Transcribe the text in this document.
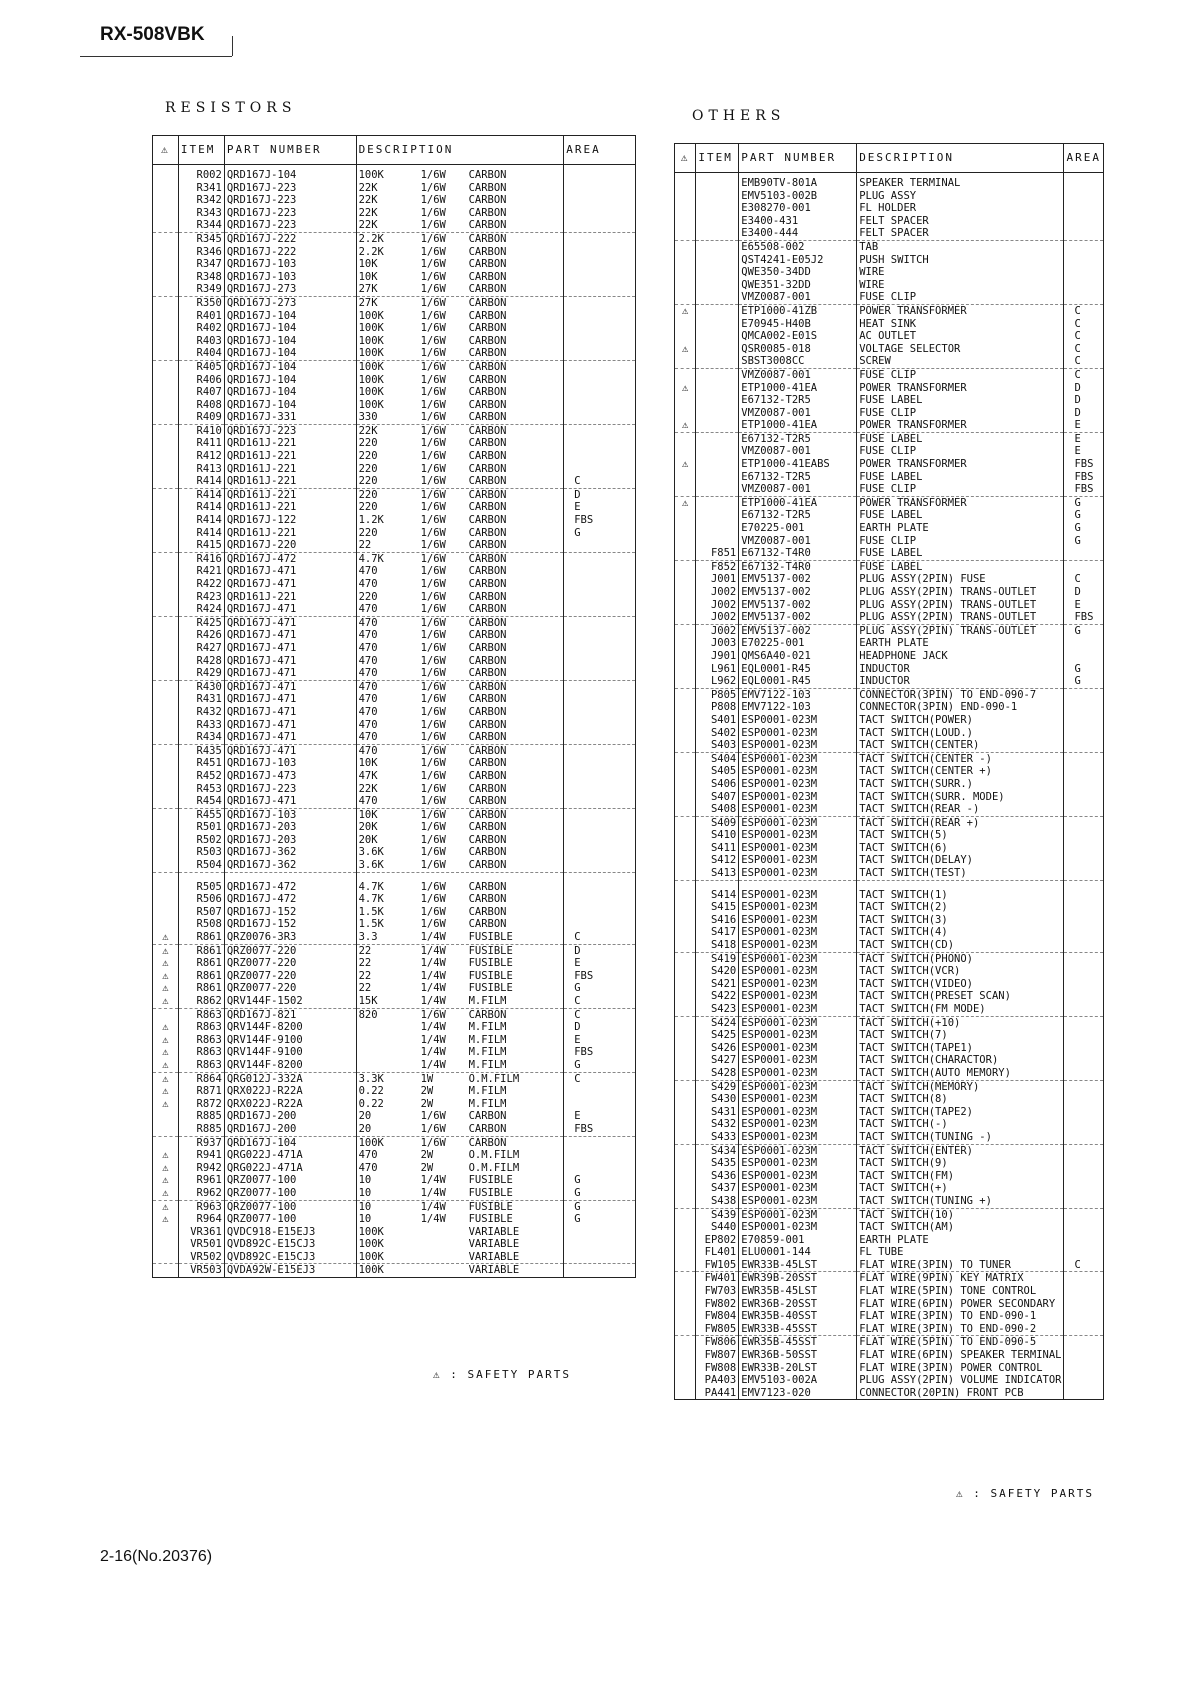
RX-508VBK
RESISTORS
⚠	ITEM	PART NUMBER	DESCRIPTION	AREA
	R002	QRD167J-104	100K 1/6W CARBON	

	R341	QRD167J-223	22K 1/6W CARBON	

	R342	QRD167J-223	22K 1/6W CARBON	

	R343	QRD167J-223	22K 1/6W CARBON	

	R344	QRD167J-223	22K 1/6W CARBON	

	R345	QRD167J-222	2.2K 1/6W CARBON	

	R346	QRD167J-222	2.2K 1/6W CARBON	

	R347	QRD167J-103	10K 1/6W CARBON	

	R348	QRD167J-103	10K 1/6W CARBON	

	R349	QRD167J-273	27K 1/6W CARBON	

	R350	QRD167J-273	27K 1/6W CARBON	

	R401	QRD167J-104	100K 1/6W CARBON	

	R402	QRD167J-104	100K 1/6W CARBON	

	R403	QRD167J-104	100K 1/6W CARBON	

	R404	QRD167J-104	100K 1/6W CARBON	

	R405	QRD167J-104	100K 1/6W CARBON	

	R406	QRD167J-104	100K 1/6W CARBON	

	R407	QRD167J-104	100K 1/6W CARBON	

	R408	QRD167J-104	100K 1/6W CARBON	

	R409	QRD167J-331	330 1/6W CARBON	

	R410	QRD167J-223	22K 1/6W CARBON	

	R411	QRD161J-221	220 1/6W CARBON	

	R412	QRD161J-221	220 1/6W CARBON	

	R413	QRD161J-221	220 1/6W CARBON	

	R414	QRD161J-221	220 1/6W CARBON	C
	R414	QRD161J-221	220 1/6W CARBON	D
	R414	QRD161J-221	220 1/6W CARBON	E
	R414	QRD167J-122	1.2K 1/6W CARBON	FBS
	R414	QRD161J-221	220 1/6W CARBON	G
	R415	QRD167J-220	22 1/6W CARBON	

	R416	QRD167J-472	4.7K 1/6W CARBON	

	R421	QRD167J-471	470 1/6W CARBON	

	R422	QRD167J-471	470 1/6W CARBON	

	R423	QRD161J-221	220 1/6W CARBON	

	R424	QRD167J-471	470 1/6W CARBON	

	R425	QRD167J-471	470 1/6W CARBON	

	R426	QRD167J-471	470 1/6W CARBON	

	R427	QRD167J-471	470 1/6W CARBON	

	R428	QRD167J-471	470 1/6W CARBON	

	R429	QRD167J-471	470 1/6W CARBON	

	R430	QRD167J-471	470 1/6W CARBON	

	R431	QRD167J-471	470 1/6W CARBON	

	R432	QRD167J-471	470 1/6W CARBON	

	R433	QRD167J-471	470 1/6W CARBON	

	R434	QRD167J-471	470 1/6W CARBON	

	R435	QRD167J-471	470 1/6W CARBON	

	R451	QRD167J-103	10K 1/6W CARBON	

	R452	QRD167J-473	47K 1/6W CARBON	

	R453	QRD167J-223	22K 1/6W CARBON	

	R454	QRD167J-471	470 1/6W CARBON	

	R455	QRD167J-103	10K 1/6W CARBON	

	R501	QRD167J-203	20K 1/6W CARBON	

	R502	QRD167J-203	20K 1/6W CARBON	

	R503	QRD167J-362	3.6K 1/6W CARBON	

	R504	QRD167J-362	3.6K 1/6W CARBON	

	R505	QRD167J-472	4.7K 1/6W CARBON	

	R506	QRD167J-472	4.7K 1/6W CARBON	

	R507	QRD167J-152	1.5K 1/6W CARBON	

	R508	QRD167J-152	1.5K 1/6W CARBON	

⚠	R861	QRZ0076-3R3	3.3 1/4W FUSIBLE	C
⚠	R861	QRZ0077-220	22 1/4W FUSIBLE	D
⚠	R861	QRZ0077-220	22 1/4W FUSIBLE	E
⚠	R861	QRZ0077-220	22 1/4W FUSIBLE	FBS
⚠	R861	QRZ0077-220	22 1/4W FUSIBLE	G
⚠	R862	QRV144F-1502	15K 1/4W M.FILM	C
	R863	QRD167J-821	820 1/6W CARBON	C
⚠	R863	QRV144F-8200	1/4W M.FILM	D
⚠	R863	QRV144F-9100	1/4W M.FILM	E
⚠	R863	QRV144F-9100	1/4W M.FILM	FBS
⚠	R863	QRV144F-8200	1/4W M.FILM	G
⚠	R864	QRG012J-332A	3.3K 1W O.M.FILM	C
⚠	R871	QRX022J-R22A	0.22 2W M.FILM	

⚠	R872	QRX022J-R22A	0.22 2W M.FILM	

	R885	QRD167J-200	20 1/6W CARBON	E
	R885	QRD167J-200	20 1/6W CARBON	FBS
	R937	QRD167J-104	100K 1/6W CARBON	

⚠	R941	QRG022J-471A	470 2W O.M.FILM	

⚠	R942	QRG022J-471A	470 2W O.M.FILM	

⚠	R961	QRZ0077-100	10 1/4W FUSIBLE	G
⚠	R962	QRZ0077-100	10 1/4W FUSIBLE	G
⚠	R963	QRZ0077-100	10 1/4W FUSIBLE	G
⚠	R964	QRZ0077-100	10 1/4W FUSIBLE	G
	VR361	QVDC918-E15EJ3	100K VARIABLE	

	VR501	QVD892C-E15CJ3	100K VARIABLE	

	VR502	QVD892C-E15CJ3	100K VARIABLE	

	VR503	QVDA92W-E15EJ3	100K VARIABLE	

⚠ : SAFETY PARTS
OTHERS
⚠	ITEM	PART NUMBER	DESCRIPTION	AREA
		EMB90TV-801A	SPEAKER TERMINAL	
		EMV5103-002B	PLUG ASSY	
		E308270-001	FL HOLDER	
		E3400-431	FELT SPACER	
		E3400-444	FELT SPACER	
		E65508-002	TAB	
		QST4241-E05J2	PUSH SWITCH	
		QWE350-34DD	WIRE	
		QWE351-32DD	WIRE	
		VMZ0087-001	FUSE CLIP	
⚠		ETP1000-41ZB	POWER TRANSFORMER	C
		E70945-H40B	HEAT SINK	C
		QMCA002-E01S	AC OUTLET	C
⚠		QSR0085-018	VOLTAGE SELECTOR	C
		SBST3008CC	SCREW	C
		VMZ0087-001	FUSE CLIP	C
⚠		ETP1000-41EA	POWER TRANSFORMER	D
		E67132-T2R5	FUSE LABEL	D
		VMZ0087-001	FUSE CLIP	D
⚠		ETP1000-41EA	POWER TRANSFORMER	E
		E67132-T2R5	FUSE LABEL	E
		VMZ0087-001	FUSE CLIP	E
⚠		ETP1000-41EABS	POWER TRANSFORMER	FBS
		E67132-T2R5	FUSE LABEL	FBS
		VMZ0087-001	FUSE CLIP	FBS
⚠		ETP1000-41EA	POWER TRANSFORMER	G
		E67132-T2R5	FUSE LABEL	G
		E70225-001	EARTH PLATE	G
		VMZ0087-001	FUSE CLIP	G
	F851	E67132-T4R0	FUSE LABEL	
	F852	E67132-T4R0	FUSE LABEL	
	J001	EMV5137-002	PLUG ASSY(2PIN) FUSE	C
	J002	EMV5137-002	PLUG ASSY(2PIN) TRANS-OUTLET	D
	J002	EMV5137-002	PLUG ASSY(2PIN) TRANS-OUTLET	E
	J002	EMV5137-002	PLUG ASSY(2PIN) TRANS-OUTLET	FBS
	J002	EMV5137-002	PLUG ASSY(2PIN) TRANS-OUTLET	G
	J003	E70225-001	EARTH PLATE	
	J901	QMS6A40-021	HEADPHONE JACK	
	L961	EQL0001-R45	INDUCTOR	G
	L962	EQL0001-R45	INDUCTOR	G
	P805	EMV7122-103	CONNECTOR(3PIN) TO END-090-7	
	P808	EMV7122-103	CONNECTOR(3PIN) END-090-1	
	S401	ESP0001-023M	TACT SWITCH(POWER)	
	S402	ESP0001-023M	TACT SWITCH(LOUD.)	
	S403	ESP0001-023M	TACT SWITCH(CENTER)	
	S404	ESP0001-023M	TACT SWITCH(CENTER -)	
	S405	ESP0001-023M	TACT SWITCH(CENTER +)	
	S406	ESP0001-023M	TACT SWITCH(SURR.)	
	S407	ESP0001-023M	TACT SWITCH(SURR. MODE)	
	S408	ESP0001-023M	TACT SWITCH(REAR -)	
	S409	ESP0001-023M	TACT SWITCH(REAR +)	
	S410	ESP0001-023M	TACT SWITCH(5)	
	S411	ESP0001-023M	TACT SWITCH(6)	
	S412	ESP0001-023M	TACT SWITCH(DELAY)	
	S413	ESP0001-023M	TACT SWITCH(TEST)	
	S414	ESP0001-023M	TACT SWITCH(1)	
	S415	ESP0001-023M	TACT SWITCH(2)	
	S416	ESP0001-023M	TACT SWITCH(3)	
	S417	ESP0001-023M	TACT SWITCH(4)	
	S418	ESP0001-023M	TACT SWITCH(CD)	
	S419	ESP0001-023M	TACT SWITCH(PHONO)	
	S420	ESP0001-023M	TACT SWITCH(VCR)	
	S421	ESP0001-023M	TACT SWITCH(VIDEO)	
	S422	ESP0001-023M	TACT SWITCH(PRESET SCAN)	
	S423	ESP0001-023M	TACT SWITCH(FM MODE)	
	S424	ESP0001-023M	TACT SWITCH(+10)	
	S425	ESP0001-023M	TACT SWITCH(7)	
	S426	ESP0001-023M	TACT SWITCH(TAPE1)	
	S427	ESP0001-023M	TACT SWITCH(CHARACTOR)	
	S428	ESP0001-023M	TACT SWITCH(AUTO MEMORY)	
	S429	ESP0001-023M	TACT SWITCH(MEMORY)	
	S430	ESP0001-023M	TACT SWITCH(8)	
	S431	ESP0001-023M	TACT SWITCH(TAPE2)	
	S432	ESP0001-023M	TACT SWITCH(-)	
	S433	ESP0001-023M	TACT SWITCH(TUNING -)	
	S434	ESP0001-023M	TACT SWITCH(ENTER)	
	S435	ESP0001-023M	TACT SWITCH(9)	
	S436	ESP0001-023M	TACT SWITCH(FM)	
	S437	ESP0001-023M	TACT SWITCH(+)	
	S438	ESP0001-023M	TACT SWITCH(TUNING +)	
	S439	ESP0001-023M	TACT SWITCH(10)	
	S440	ESP0001-023M	TACT SWITCH(AM)	
	EP802	E70859-001	EARTH PLATE	
	FL401	ELU0001-144	FL TUBE	
	FW105	EWR33B-45LST	FLAT WIRE(3PIN) TO TUNER	C
	FW401	EWR39B-20SST	FLAT WIRE(9PIN) KEY MATRIX	
	FW703	EWR35B-45LST	FLAT WIRE(5PIN) TONE CONTROL	
	FW802	EWR36B-20SST	FLAT WIRE(6PIN) POWER SECONDARY	
	FW804	EWR35B-40SST	FLAT WIRE(3PIN) TO END-090-1	
	FW805	EWR33B-45SST	FLAT WIRE(3PIN) TO END-090-2	
	FW806	EWR35B-45SST	FLAT WIRE(5PIN) TO END-090-5	
	FW807	EWR36B-50SST	FLAT WIRE(6PIN) SPEAKER TERMINAL	
	FW808	EWR33B-20LST	FLAT WIRE(3PIN) POWER CONTROL	
	PA403	EMV5103-002A	PLUG ASSY(2PIN) VOLUME INDICATOR	
	PA441	EMV7123-020	CONNECTOR(20PIN) FRONT PCB	
⚠ : SAFETY PARTS
2-16(No.20376)
